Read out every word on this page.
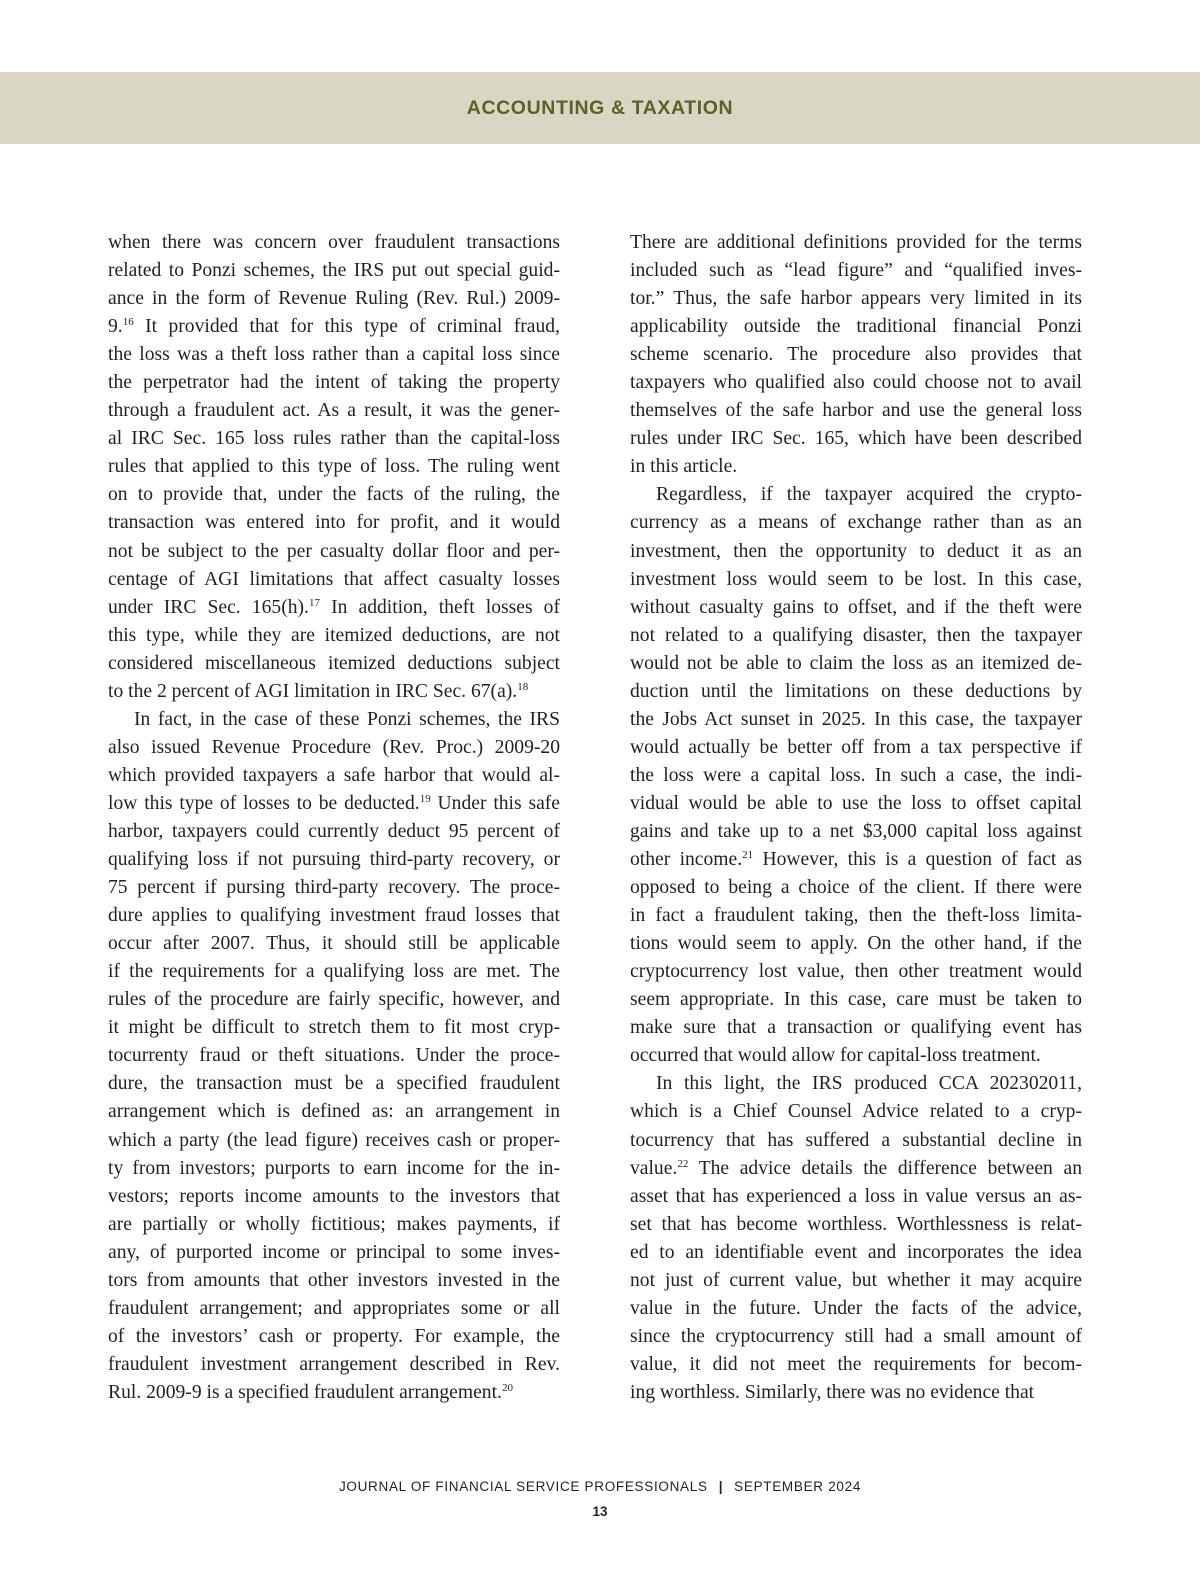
ACCOUNTING & TAXATION
when there was concern over fraudulent transactions
related to Ponzi schemes, the IRS put out special guid-
ance in the form of Revenue Ruling (Rev. Rul.) 2009-
9.16 It provided that for this type of criminal fraud,
the loss was a theft loss rather than a capital loss since
the perpetrator had the intent of taking the property
through a fraudulent act. As a result, it was the gener-
al IRC Sec. 165 loss rules rather than the capital-loss
rules that applied to this type of loss. The ruling went
on to provide that, under the facts of the ruling, the
transaction was entered into for profit, and it would
not be subject to the per casualty dollar floor and per-
centage of AGI limitations that affect casualty losses
under IRC Sec. 165(h).$^{17}$ In addition, theft losses of
this type, while they are itemized deductions, are not
considered miscellaneous itemized deductions subject
to the 2 percent of AGI limitation in IRC Sec. 67(a).$^{18}$
In fact, in the case of these Ponzi schemes, the IRS
also issued Revenue Procedure (Rev. Proc.) 2009-20
which provided taxpayers a safe harbor that would al-
low this type of losses to be deducted.$^{19}$ Under this safe
harbor, taxpayers could currently deduct 95 percent of
qualifying loss if not pursuing third-party recovery, or
75 percent if pursing third-party recovery. The proce-
dure applies to qualifying investment fraud losses that
occur after 2007. Thus, it should still be applicable
if the requirements for a qualifying loss are met. The
rules of the procedure are fairly specific, however, and
it might be difficult to stretch them to fit most cryp-
tocurrenty fraud or theft situations. Under the proce-
dure, the transaction must be a specified fraudulent
arrangement which is defined as: an arrangement in
which a party (the lead figure) receives cash or proper-
ty from investors; purports to earn income for the in-
vestors; reports income amounts to the investors that
are partially or wholly fictitious; makes payments, if
any, of purported income or principal to some inves-
tors from amounts that other investors invested in the
fraudulent arrangement; and appropriates some or all
of the investors’ cash or property. For example, the
fraudulent investment arrangement described in Rev.
Rul. 2009-9 is a specified fraudulent arrangement.$^{20}$
There are additional definitions provided for the terms
included such as “lead figure” and “qualified inves-
tor.” Thus, the safe harbor appears very limited in its
applicability outside the traditional financial Ponzi
scheme scenario. The procedure also provides that
taxpayers who qualified also could choose not to avail
themselves of the safe harbor and use the general loss
rules under IRC Sec. 165, which have been described
in this article.
Regardless, if the taxpayer acquired the crypto-
currency as a means of exchange rather than as an
investment, then the opportunity to deduct it as an
investment loss would seem to be lost. In this case,
without casualty gains to offset, and if the theft were
not related to a qualifying disaster, then the taxpayer
would not be able to claim the loss as an itemized de-
duction until the limitations on these deductions by
the Jobs Act sunset in 2025. In this case, the taxpayer
would actually be better off from a tax perspective if
the loss were a capital loss. In such a case, the indi-
vidual would be able to use the loss to offset capital
gains and take up to a net $3,000 capital loss against
other income.$^{21}$ However, this is a question of fact as
opposed to being a choice of the client. If there were
in fact a fraudulent taking, then the theft-loss limita-
tions would seem to apply. On the other hand, if the
cryptocurrency lost value, then other treatment would
seem appropriate. In this case, care must be taken to
make sure that a transaction or qualifying event has
occurred that would allow for capital-loss treatment.
In this light, the IRS produced CCA 202302011,
which is a Chief Counsel Advice related to a cryp-
tocurrency that has suffered a substantial decline in
value.$^{22}$ The advice details the difference between an
asset that has experienced a loss in value versus an as-
set that has become worthless. Worthlessness is relat-
ed to an identifiable event and incorporates the idea
not just of current value, but whether it may acquire
value in the future. Under the facts of the advice,
since the cryptocurrency still had a small amount of
value, it did not meet the requirements for becom-
ing worthless. Similarly, there was no evidence that
JOURNAL OF FINANCIAL SERVICE PROFESSIONALS | SEPTEMBER 2024
13
